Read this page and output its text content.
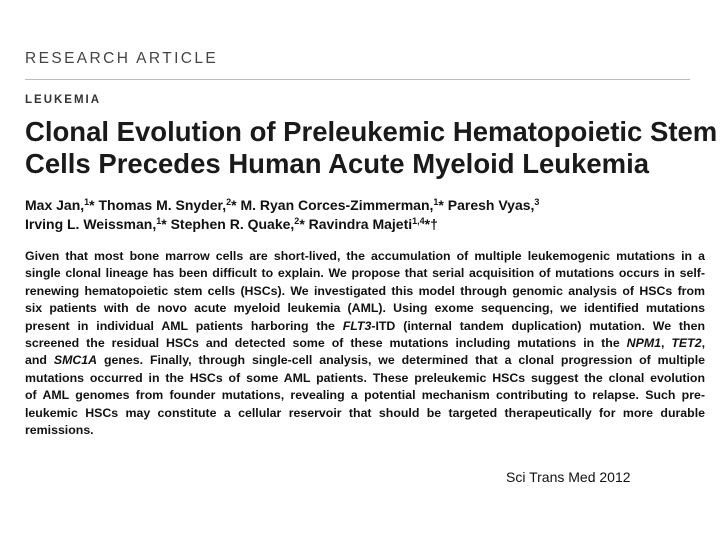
RESEARCH ARTICLE
LEUKEMIA
Clonal Evolution of Preleukemic Hematopoietic Stem
Cells Precedes Human Acute Myeloid Leukemia
Max Jan,$^1$* Thomas M. Snyder,$^2$* M. Ryan Corces-Zimmerman,$^1$* Paresh Vyas,$^3$
Irving L. Weissman,$^1$* Stephen R. Quake,$^2$* Ravindra Majeti$^{1,4}$*†
Given that most bone marrow cells are short-lived, the accumulation of multiple leukemogenic mutations in a
single clonal lineage has been difficult to explain. We propose that serial acquisition of mutations occurs in self-
renewing hematopoietic stem cells (HSCs). We investigated this model through genomic analysis of HSCs from
six patients with de novo acute myeloid leukemia (AML). Using exome sequencing, we identified mutations
present in individual AML patients harboring the FLT3-ITD (internal tandem duplication) mutation. We then
screened the residual HSCs and detected some of these mutations including mutations in the NPM1, TET2,
and SMC1A genes. Finally, through single-cell analysis, we determined that a clonal progression of multiple
mutations occurred in the HSCs of some AML patients. These preleukemic HSCs suggest the clonal evolution
of AML genomes from founder mutations, revealing a potential mechanism contributing to relapse. Such pre-
leukemic HSCs may constitute a cellular reservoir that should be targeted therapeutically for more durable
remissions.
Sci Trans Med 2012
